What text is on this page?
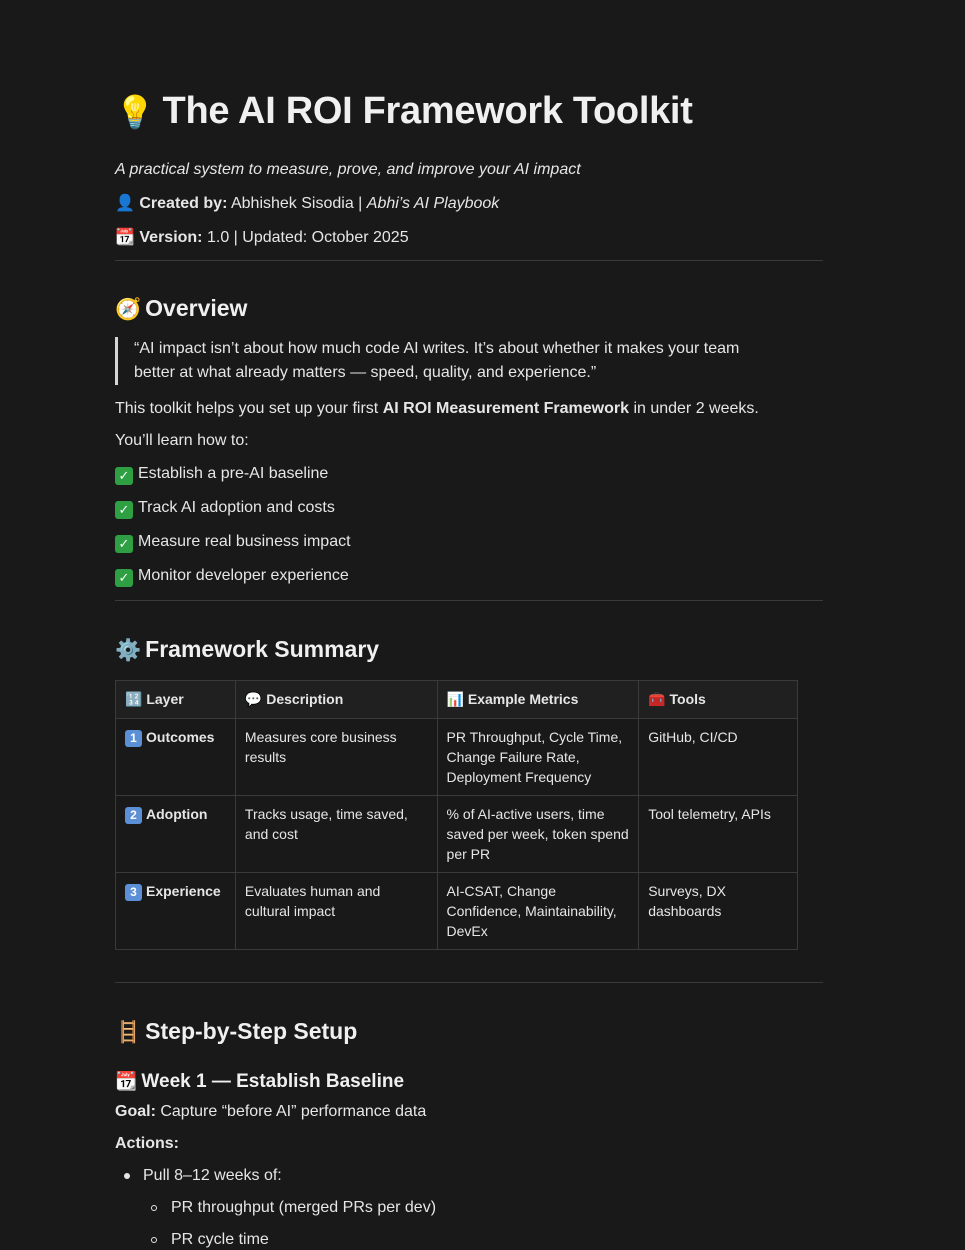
💡 The AI ROI Framework Toolkit

A practical system to measure, prove, and improve your AI impact

👤 Created by: Abhishek Sisodia | Abhi’s AI Playbook

📆 Version: 1.0 | Updated: October 2025

🧭 Overview
“AI impact isn’t about how much code AI writes. It’s about whether it makes your team better at what already matters — speed, quality, and experience.”

This toolkit helps you set up your first AI ROI Measurement Framework in under 2 weeks.

You’ll learn how to:

✓ Establish a pre-AI baseline

✓ Track AI adoption and costs

✓ Measure real business impact

✓ Monitor developer experience

⚙️ Framework Summary
🔢 Layer	💬 Description	📊 Example Metrics	🧰 Tools
1 Outcomes	Measures core business results	PR Throughput, Cycle Time, Change Failure Rate, Deployment Frequency	GitHub, CI/CD
2 Adoption	Tracks usage, time saved, and cost	% of AI-active users, time saved per week, token spend per PR	Tool telemetry, APIs
3 Experience	Evaluates human and cultural impact	AI-CSAT, Change Confidence, Maintainability, DevEx	Surveys, DX dashboards
🪜 Step-by-Step Setup
📆 Week 1 — Establish Baseline

Goal: Capture “before AI” performance data

Actions:

Pull 8–12 weeks of:
PR throughput (merged PRs per dev)
PR cycle time
